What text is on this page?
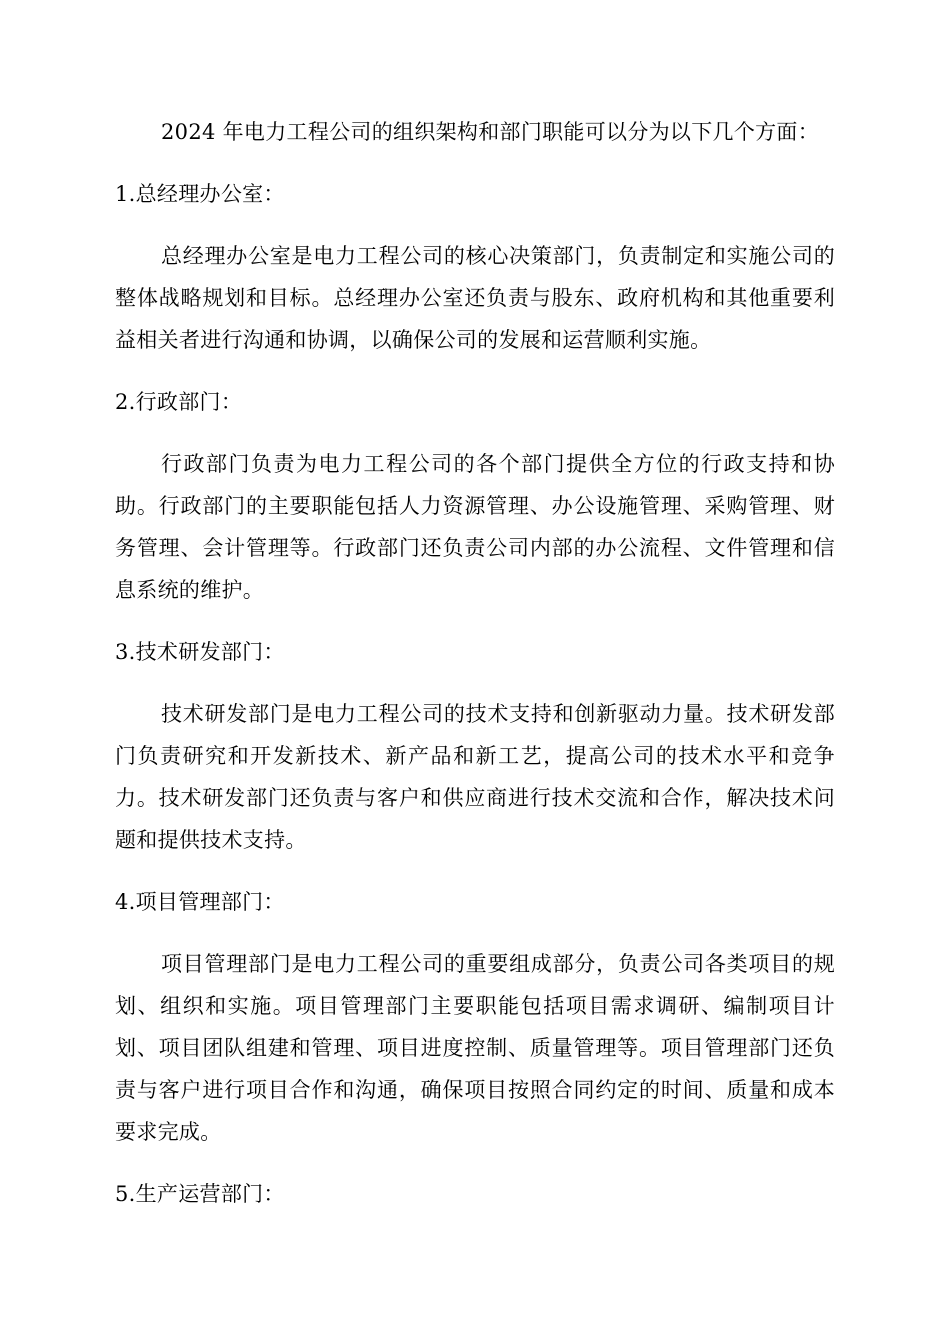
2024 年电力工程公司的组织架构和部门职能可以分为以下几个方面：

1.总经理办公室：

总经理办公室是电力工程公司的核心决策部门，负责制定和实施公司的整体战略规划和目标。总经理办公室还负责与股东、政府机构和其他重要利益相关者进行沟通和协调，以确保公司的发展和运营顺利实施。

2.行政部门：

行政部门负责为电力工程公司的各个部门提供全方位的行政支持和协助。行政部门的主要职能包括人力资源管理、办公设施管理、采购管理、财务管理、会计管理等。行政部门还负责公司内部的办公流程、文件管理和信息系统的维护。

3.技术研发部门：

技术研发部门是电力工程公司的技术支持和创新驱动力量。技术研发部门负责研究和开发新技术、新产品和新工艺，提高公司的技术水平和竞争力。技术研发部门还负责与客户和供应商进行技术交流和合作，解决技术问题和提供技术支持。

4.项目管理部门：

项目管理部门是电力工程公司的重要组成部分，负责公司各类项目的规划、组织和实施。项目管理部门主要职能包括项目需求调研、编制项目计划、项目团队组建和管理、项目进度控制、质量管理等。项目管理部门还负责与客户进行项目合作和沟通，确保项目按照合同约定的时间、质量和成本要求完成。

5.生产运营部门：
